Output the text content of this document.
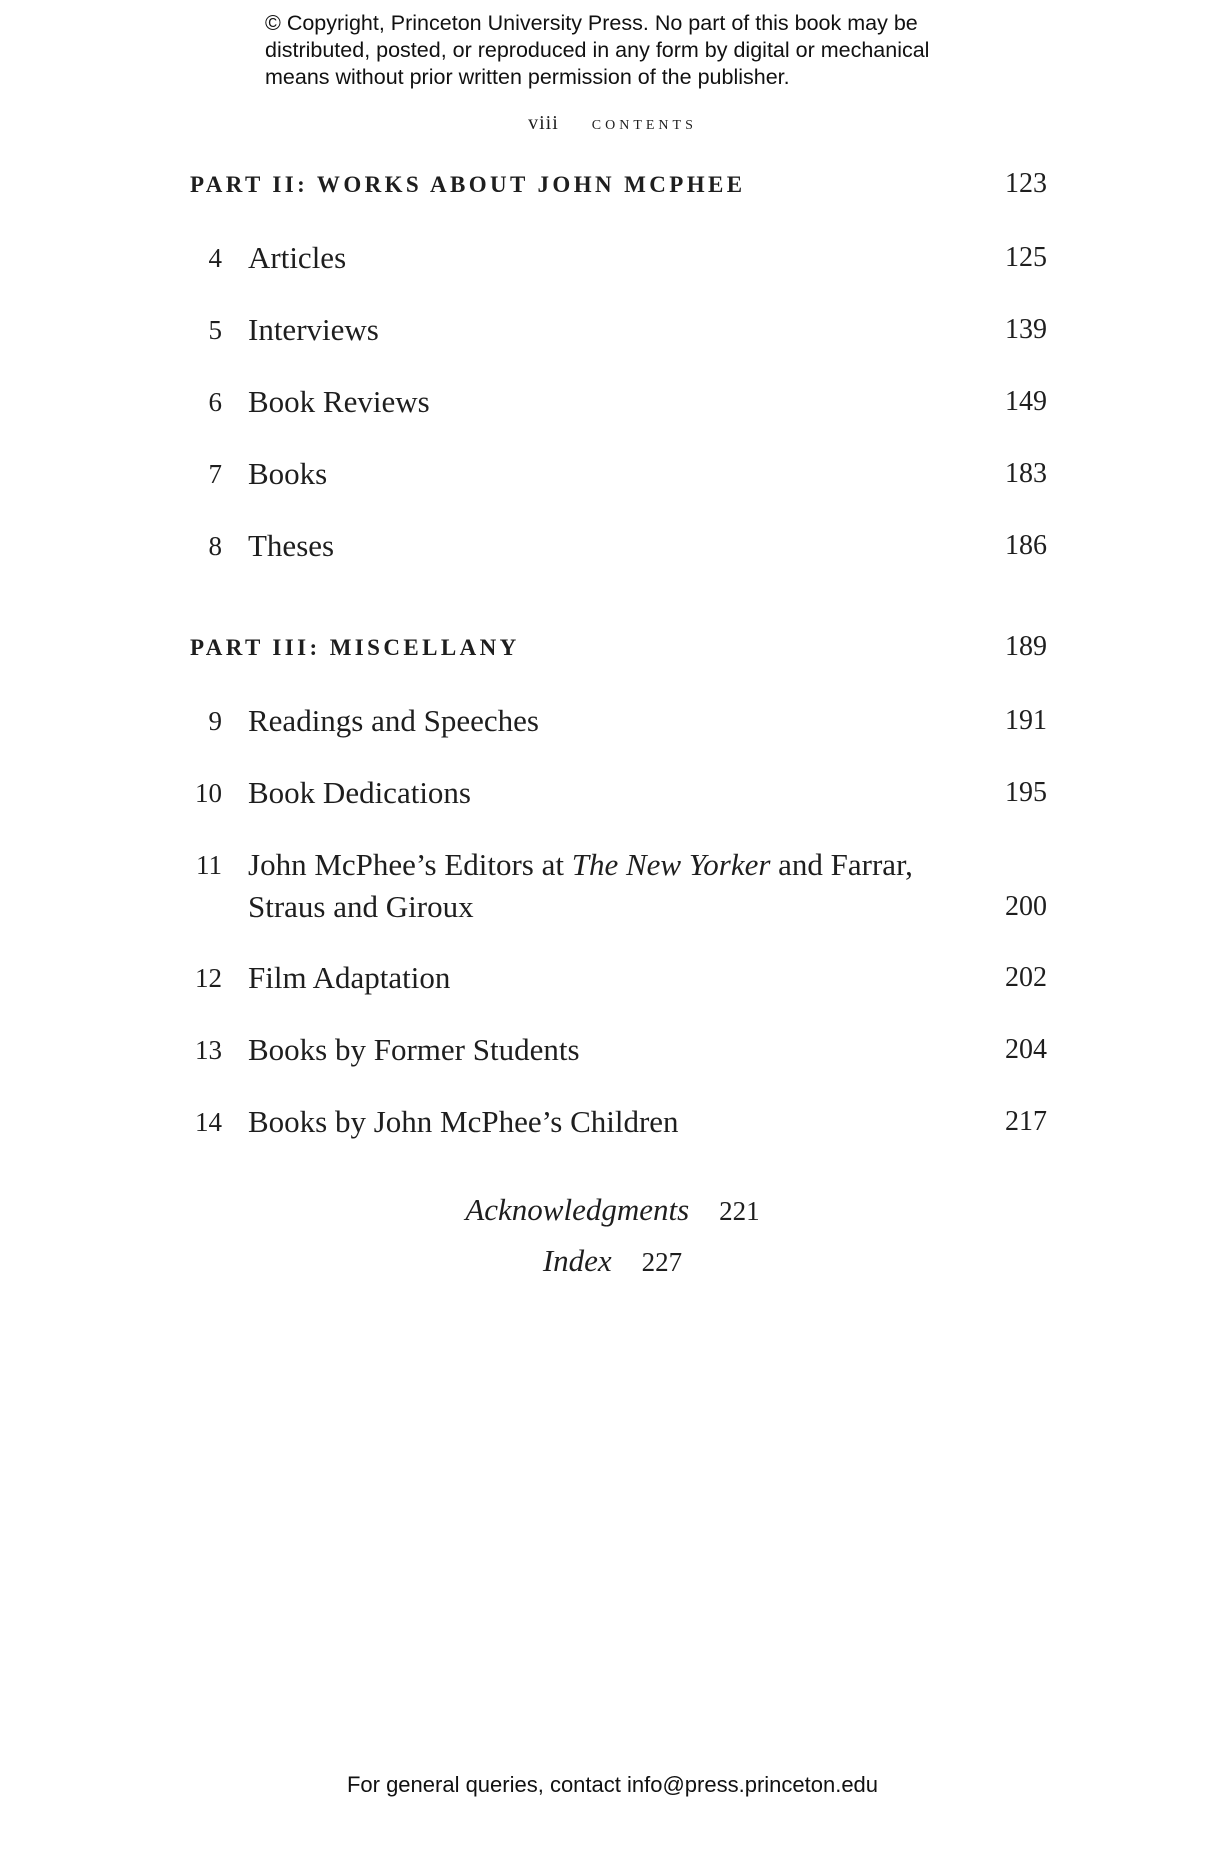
© Copyright, Princeton University Press. No part of this book may be
distributed, posted, or reproduced in any form by digital or mechanical
means without prior written permission of the publisher.
viii contents
PART II: WORKS ABOUT JOHN MCPHEE	123
4 Articles	125
5 Interviews	139
6 Book Reviews	149
7 Books	183
8 Theses	186
PART III: MISCELLANY	189
9 Readings and Speeches	191
10 Book Dedications	195
11 John McPhee’s Editors at The New Yorker and Farrar,
Straus and Giroux	200
12 Film Adaptation	202
13 Books by Former Students	204
14 Books by John McPhee’s Children	217
Acknowledgments 221
Index 227
For general queries, contact info@press.princeton.edu
